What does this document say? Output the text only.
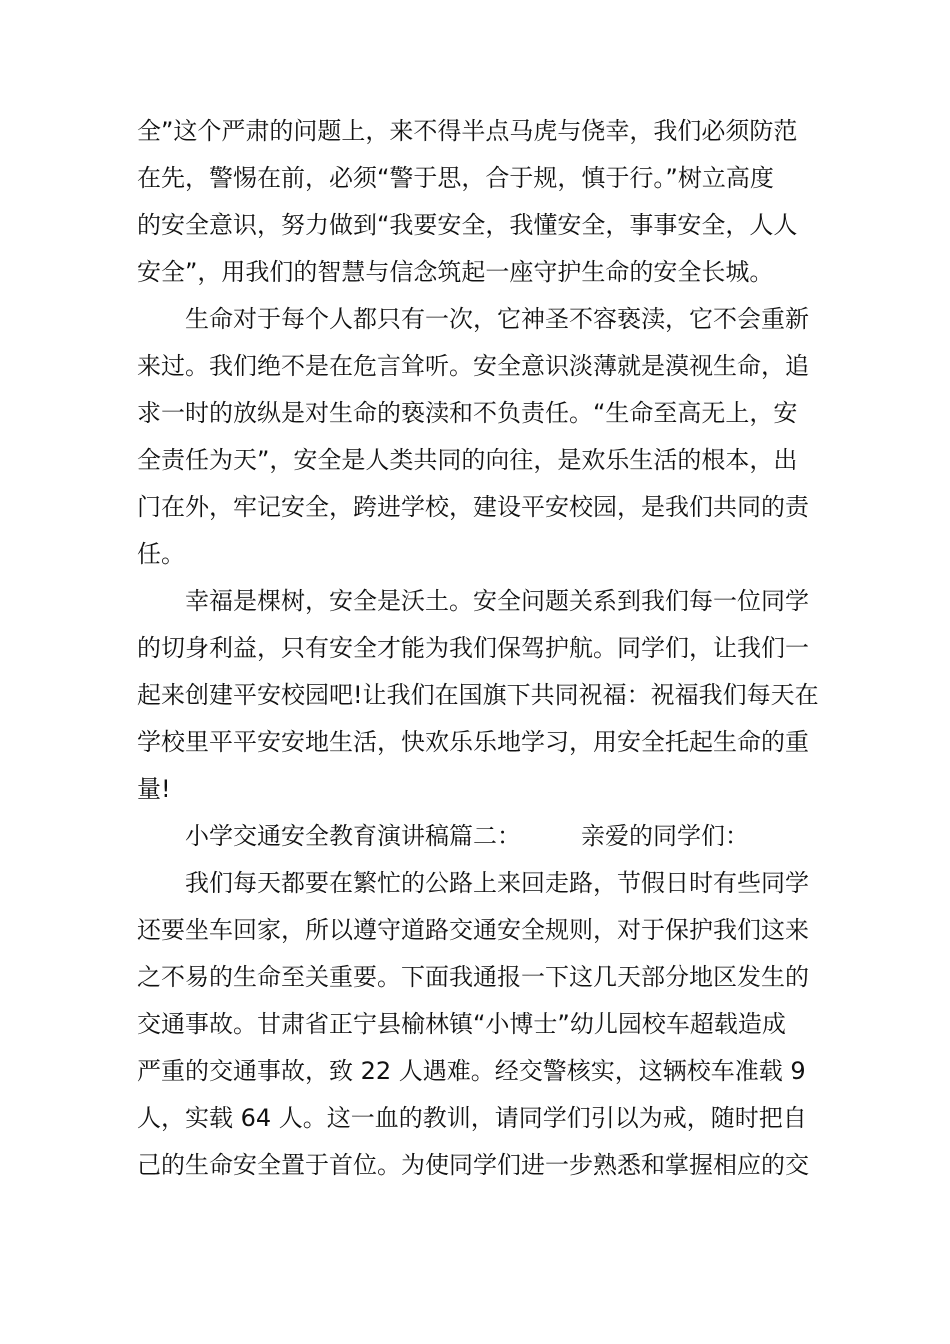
全”这个严肃的问题上，来不得半点马虎与侥幸，我们必须防范
在先，警惕在前，必须“警于思，合于规，慎于行。”树立高度
的安全意识，努力做到“我要安全，我懂安全，事事安全，人人
安全”，用我们的智慧与信念筑起一座守护生命的安全长城。

生命对于每个人都只有一次，它神圣不容亵渎，它不会重新
来过。我们绝不是在危言耸听。安全意识淡薄就是漠视生命，追
求一时的放纵是对生命的亵渎和不负责任。“生命至高无上，安
全责任为天”，安全是人类共同的向往，是欢乐生活的根本，出
门在外，牢记安全，跨进学校，建设平安校园，是我们共同的责
任。

幸福是棵树，安全是沃土。安全问题关系到我们每一位同学
的切身利益，只有安全才能为我们保驾护航。同学们，让我们一
起来创建平安校园吧!让我们在国旗下共同祝福：祝福我们每天在
学校里平平安安地生活，快欢乐乐地学习，用安全托起生命的重
量!

小学交通安全教育演讲稿篇二：	亲爱的同学们：

我们每天都要在繁忙的公路上来回走路，节假日时有些同学
还要坐车回家，所以遵守道路交通安全规则，对于保护我们这来
之不易的生命至关重要。下面我通报一下这几天部分地区发生的
交通事故。甘肃省正宁县榆林镇“小博士”幼儿园校车超载造成
严重的交通事故，致 22 人遇难。经交警核实，这辆校车准载 9
人，实载 64 人。这一血的教训，请同学们引以为戒，随时把自
己的生命安全置于首位。为使同学们进一步熟悉和掌握相应的交
